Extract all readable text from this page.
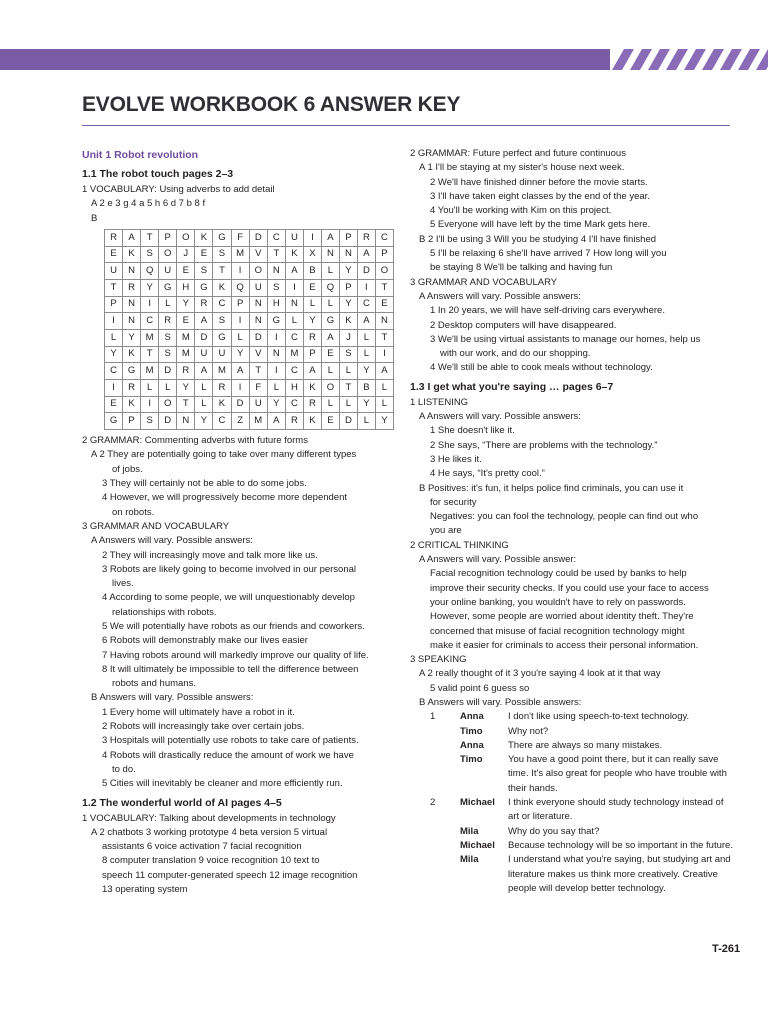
EVOLVE WORKBOOK 6 ANSWER KEY
Unit 1 Robot revolution
1.1 The robot touch pages 2–3
1 VOCABULARY: Using adverbs to add detail
A 2 e 3 g 4 a 5 h 6 d 7 b 8 f
B
R	A	T	P	O	K	G	F	D	C	U	I	A	P	R	C
E	K	S	O	J	E	S	M	V	T	K	X	N	N	A	P
U	N	Q	U	E	S	T	I	O	N	A	B	L	Y	D	O
T	R	Y	G	H	G	K	Q	U	S	I	E	Q	P	I	T
P	N	I	L	Y	R	C	P	N	H	N	L	L	Y	C	E
I	N	C	R	E	A	S	I	N	G	L	Y	G	K	A	N
L	Y	M	S	M	D	G	L	D	I	C	R	A	J	L	T
Y	K	T	S	M	U	U	Y	V	N	M	P	E	S	L	I
C	G	M	D	R	A	M	A	T	I	C	A	L	L	Y	A
I	R	L	L	Y	L	R	I	F	L	H	K	O	T	B	L
E	K	I	O	T	L	K	D	U	Y	C	R	L	L	Y	L
G	P	S	D	N	Y	C	Z	M	A	R	K	E	D	L	Y
2 GRAMMAR: Commenting adverbs with future forms
A 2 They are potentially going to take over many different types
of jobs.
3 They will certainly not be able to do some jobs.
4 However, we will progressively become more dependent
on robots.
3 GRAMMAR AND VOCABULARY
A Answers will vary. Possible answers:
2 They will increasingly move and talk more like us.
3 Robots are likely going to become involved in our personal
lives.
4 According to some people, we will unquestionably develop
relationships with robots.
5 We will potentially have robots as our friends and coworkers.
6 Robots will demonstrably make our lives easier
7 Having robots around will markedly improve our quality of life.
8 It will ultimately be impossible to tell the difference between
robots and humans.
B Answers will vary. Possible answers:
1 Every home will ultimately have a robot in it.
2 Robots will increasingly take over certain jobs.
3 Hospitals will potentially use robots to take care of patients.
4 Robots will drastically reduce the amount of work we have
to do.
5 Cities will inevitably be cleaner and more efficiently run.
1.2 The wonderful world of AI pages 4–5
1 VOCABULARY: Talking about developments in technology
A 2 chatbots 3 working prototype 4 beta version 5 virtual
assistants 6 voice activation 7 facial recognition
8 computer translation 9 voice recognition 10 text to
speech 11 computer-generated speech 12 image recognition
13 operating system
2 GRAMMAR: Future perfect and future continuous
A 1 I'll be staying at my sister's house next week.
2 We'll have finished dinner before the movie starts.
3 I'll have taken eight classes by the end of the year.
4 You'll be working with Kim on this project.
5 Everyone will have left by the time Mark gets here.
B 2 I'll be using 3 Will you be studying 4 I'll have finished
5 I'll be relaxing 6 she'll have arrived 7 How long will you
be staying 8 We'll be talking and having fun
3 GRAMMAR AND VOCABULARY
A Answers will vary. Possible answers:
1 In 20 years, we will have self-driving cars everywhere.
2 Desktop computers will have disappeared.
3 We'll be using virtual assistants to manage our homes, help us
with our work, and do our shopping.
4 We'll still be able to cook meals without technology.
1.3 I get what you're saying … pages 6–7
1 LISTENING
A Answers will vary. Possible answers:
1 She doesn't like it.
2 She says, “There are problems with the technology.”
3 He likes it.
4 He says, “It's pretty cool.”
B Positives: it's fun, it helps police find criminals, you can use it
for security
Negatives: you can fool the technology, people can find out who
you are
2 CRITICAL THINKING
A Answers will vary. Possible answer:
Facial recognition technology could be used by banks to help
improve their security checks. If you could use your face to access
your online banking, you wouldn't have to rely on passwords.
However, some people are worried about identity theft. They're
concerned that misuse of facial recognition technology might
make it easier for criminals to access their personal information.
3 SPEAKING
A 2 really thought of it 3 you're saying 4 look at it that way
5 valid point 6 guess so
B Answers will vary. Possible answers:
1	Anna	I don't like using speech-to-text technology.
Timo	Why not?
Anna	There are always so many mistakes.
Timo	You have a good point there, but it can really save time. It's also great for people who have trouble with their hands.
2	Michael	I think everyone should study technology instead of art or literature.
Mila	Why do you say that?
Michael	Because technology will be so important in the future.
Mila	I understand what you're saying, but studying art and literature makes us think more creatively. Creative people will develop better technology.
T-261
